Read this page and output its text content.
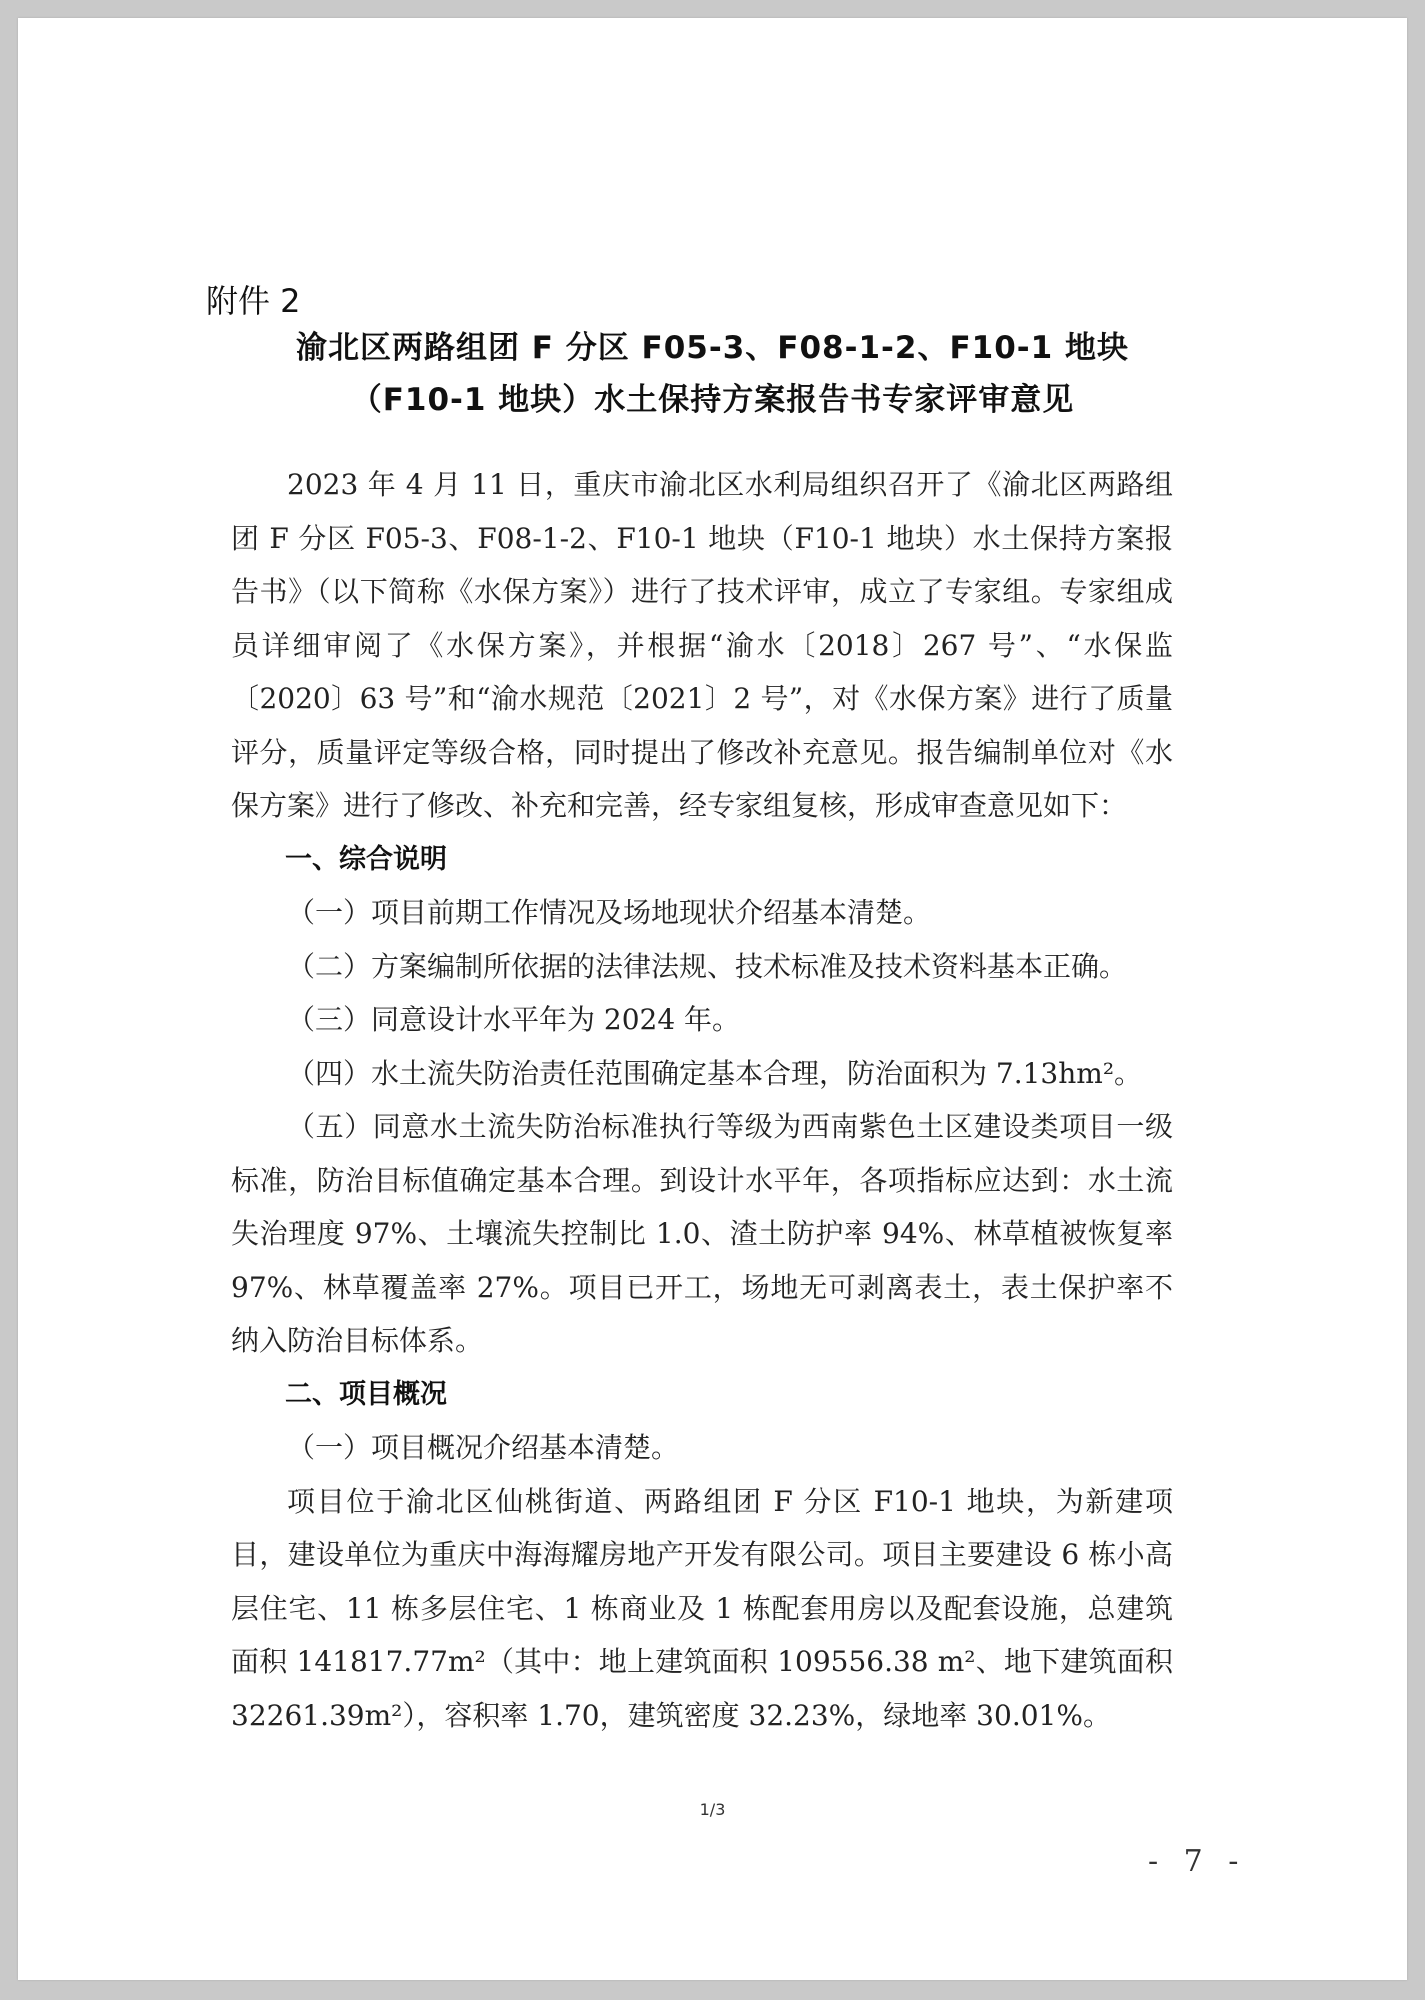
附件 2
渝北区两路组团 F 分区 F05-3、F08-1-2、F10-1 地块
（F10-1 地块）水土保持方案报告书专家评审意见

2023 年 4 月 11 日，重庆市渝北区水利局组织召开了《渝北区两路组团 F 分区 F05-3、F08-1-2、F10-1 地块（F10-1 地块）水土保持方案报告书》（以下简称《水保方案》）进行了技术评审，成立了专家组。专家组成员详细审阅了《水保方案》，并根据“渝水〔2018〕267 号”、“水保监〔2020〕63 号”和“渝水规范〔2021〕2 号”，对《水保方案》进行了质量评分，质量评定等级合格，同时提出了修改补充意见。报告编制单位对《水保方案》进行了修改、补充和完善，经专家组复核，形成审查意见如下：

一、综合说明

（一）项目前期工作情况及场地现状介绍基本清楚。

（二）方案编制所依据的法律法规、技术标准及技术资料基本正确。

（三）同意设计水平年为 2024 年。

（四）水土流失防治责任范围确定基本合理，防治面积为 7.13hm²。

（五）同意水土流失防治标准执行等级为西南紫色土区建设类项目一级标准，防治目标值确定基本合理。到设计水平年，各项指标应达到：水土流失治理度 97%、土壤流失控制比 1.0、渣土防护率 94%、林草植被恢复率 97%、林草覆盖率 27%。项目已开工，场地无可剥离表土，表土保护率不纳入防治目标体系。

二、项目概况

（一）项目概况介绍基本清楚。

项目位于渝北区仙桃街道、两路组团 F 分区 F10-1 地块，为新建项目，建设单位为重庆中海海耀房地产开发有限公司。项目主要建设 6 栋小高层住宅、11 栋多层住宅、1 栋商业及 1 栋配套用房以及配套设施，总建筑面积 141817.77m²（其中：地上建筑面积 109556.38 m²、地下建筑面积 32261.39m²），容积率 1.70，建筑密度 32.23%，绿地率 30.01%。

1/3
- 7 -
